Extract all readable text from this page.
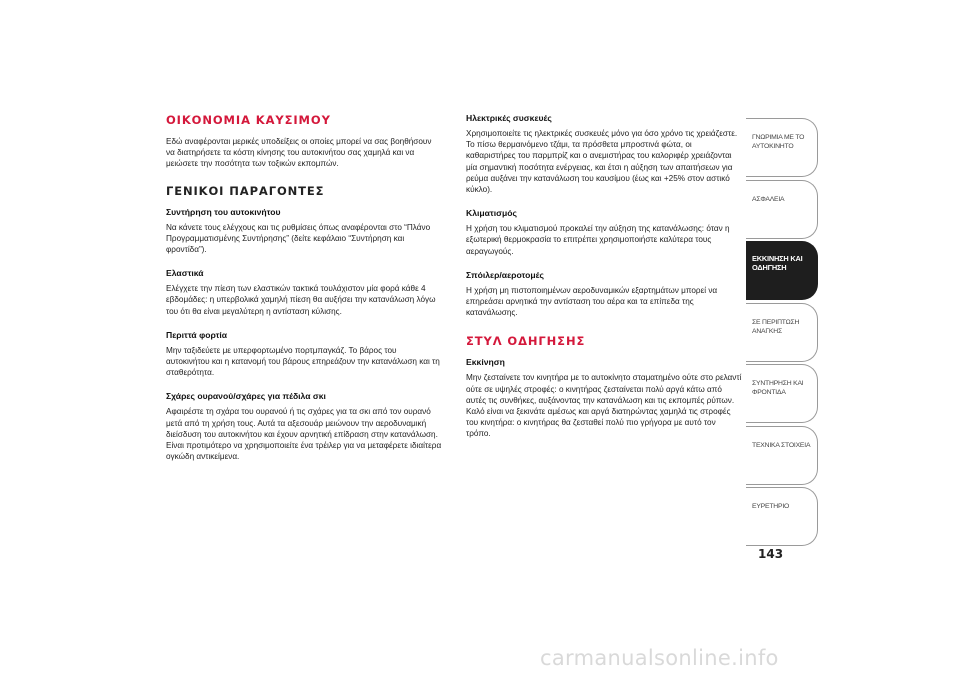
ΟΙΚΟΝΟΜΙΑ ΚΑΥΣΙΜΟΥ

Εδώ αναφέρονται μερικές υποδείξεις οι οποίες μπορεί να σας βοηθήσουν να διατηρήσετε τα κόστη κίνησης του αυτοκινήτου σας χαμηλά και να μειώσετε την ποσότητα των τοξικών εκπομπών.

ΓΕΝΙΚΟΙ ΠΑΡΑΓΟΝΤΕΣ
Συντήρηση του αυτοκινήτου

Να κάνετε τους ελέγχους και τις ρυθμίσεις όπως αναφέρονται στο “Πλάνο Προγραμματισμένης Συντήρησης” (δείτε κεφάλαιο “Συντήρηση και φροντίδα”).

Ελαστικά

Ελέγχετε την πίεση των ελαστικών τακτικά τουλάχιστον μία φορά κάθε 4 εβδομάδες: η υπερβολικά χαμηλή πίεση θα αυξήσει την κατανάλωση λόγω του ότι θα είναι μεγαλύτερη η αντίσταση κύλισης.

Περιττά φορτία

Μην ταξιδεύετε με υπερφορτωμένο πορτμπαγκάζ. Το βάρος του αυτοκινήτου και η κατανομή του βάρους επηρεάζουν την κατανάλωση και τη σταθερότητα.

Σχάρες ουρανού/σχάρες για πέδιλα σκι

Αφαιρέστε τη σχάρα του ουρανού ή τις σχάρες για τα σκι από τον ουρανό μετά από τη χρήση τους. Αυτά τα αξεσουάρ μειώνουν την αεροδυναμική διείσδυση του αυτοκινήτου και έχουν αρνητική επίδραση στην κατανάλωση. Είναι προτιμότερο να χρησιμοποιείτε ένα τρέιλερ για να μεταφέρετε ιδιαίτερα ογκώδη αντικείμενα.

Ηλεκτρικές συσκευές

Χρησιμοποιείτε τις ηλεκτρικές συσκευές μόνο για όσο χρόνο τις χρειάζεστε. Το πίσω θερμαινόμενο τζάμι, τα πρόσθετα μπροστινά φώτα, οι καθαριστήρες του παρμπρίζ και ο ανεμιστήρας του καλοριφέρ χρειάζονται μία σημαντική ποσότητα ενέργειας, και έτσι η αύξηση των απαιτήσεων για ρεύμα αυξάνει την κατανάλωση του καυσίμου (έως και +25% στον αστικό κύκλο).

Κλιματισμός

Η χρήση του κλιματισμού προκαλεί την αύξηση της κατανάλωσης: όταν η εξωτερική θερμοκρασία το επιτρέπει χρησιμοποιήστε καλύτερα τους αεραγωγούς.

Σπόιλερ/αεροτομές

Η χρήση μη πιστοποιημένων αεροδυναμικών εξαρτημάτων μπορεί να επηρεάσει αρνητικά την αντίσταση του αέρα και τα επίπεδα της κατανάλωσης.

ΣΤΥΛ ΟΔΗΓΗΣΗΣ
Εκκίνηση

Μην ζεσταίνετε τον κινητήρα με το αυτοκίνητο σταματημένο ούτε στο ρελαντί ούτε σε υψηλές στροφές: ο κινητήρας ζεσταίνεται πολύ αργά κάτω από αυτές τις συνθήκες, αυξάνοντας την κατανάλωση και τις εκπομπές ρύπων. Καλό είναι να ξεκινάτε αμέσως και αργά διατηρώντας χαμηλά τις στροφές του κινητήρα: ο κινητήρας θα ζεσταθεί πολύ πιο γρήγορα με αυτό τον τρόπο.

ΓΝΩΡΙΜΙΑ ΜΕ ΤΟ ΑΥΤΟΚΙΝΗΤΟ
ΑΣΦΑΛΕΙΑ
ΕΚΚΙΝΗΣΗ ΚΑΙ ΟΔΗΓΗΣΗ
ΣΕ ΠΕΡΙΠΤΩΣΗ ΑΝΑΓΚΗΣ
ΣΥΝΤΗΡΗΣΗ ΚΑΙ ΦΡΟΝΤΙΔΑ
ΤΕΧΝΙΚΑ ΣΤΟΙΧΕΙΑ
ΕΥΡΕΤΗΡΙΟ
143
carmanualsonline.info
